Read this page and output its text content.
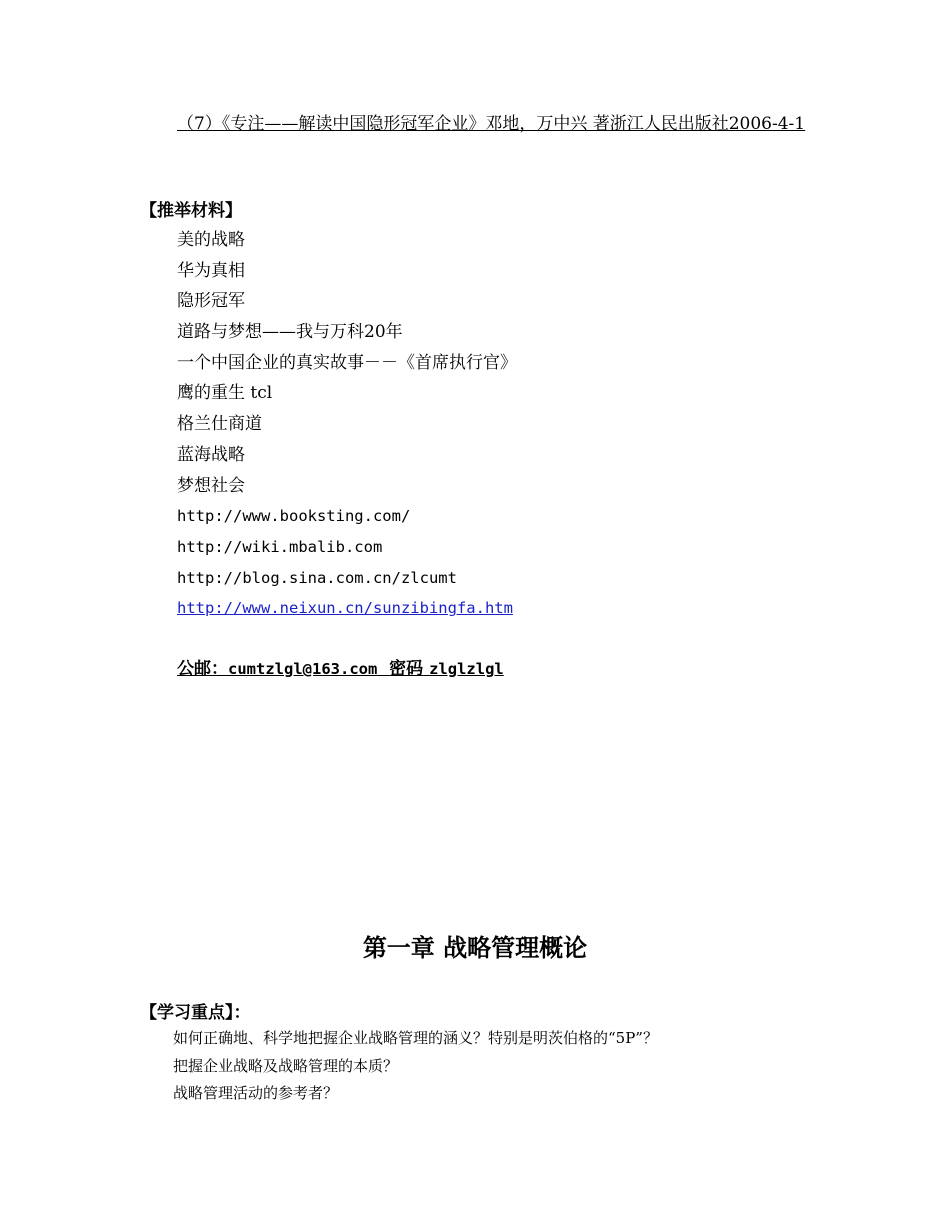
（7）《专注——解读中国隐形冠军企业》邓地，万中兴 著浙江人民出版社2006-4-1
【推举材料】
美的战略
华为真相
隐形冠军
道路与梦想——我与万科20年
一个中国企业的真实故事－－《首席执行官》
鹰的重生 tcl
格兰仕商道
蓝海战略
梦想社会
http://www.booksting.com/
http://wiki.mbalib.com
http://blog.sina.com.cn/zlcumt
http://www.neixun.cn/sunzibingfa.htm
公邮：cumtzlgl@163.com 密码 zlglzlgl
第一章 战略管理概论
【学习重点】：
如何正确地、科学地把握企业战略管理的涵义？特别是明茨伯格的“5P”？
把握企业战略及战略管理的本质？
战略管理活动的参考者？
